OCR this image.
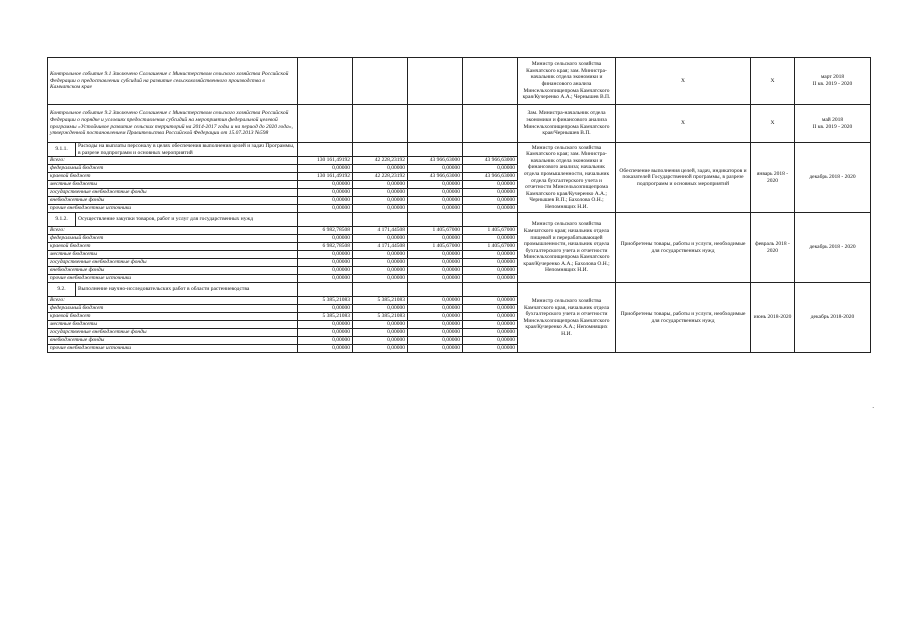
Контрольное событие 9.1 Заключено Соглашение с Министерством сельского хозяйства Российской Федерации о предоставлении субсидий на развитие сельскохозяйственного производства в Камчатском крае						Министр сельского хозяйства Камчатского края; зам. Министра-начальник отдела экономики и финансового анализа Минсельхозпищепрома Камчатского края/Кучеренко А.А.; Чернышев В.П.	Х	Х	март 2018
II кв. 2019 - 2020
Контрольное событие 9.2 Заключено Соглашение с Министерством сельского хозяйства Российской Федерации о порядке и условиях предоставления субсидий на мероприятия федеральной целевой программы «Устойчивое развитие сельских территорий на 2014-2017 годы и на период до 2020 года», утвержденной постановлением Правительства Российской Федерации от 15.07.2013 №598						Зам. Министра-начальник отдела экономики и финансового анализа Минсельхозпищепрома Камчатского края/Чернышев В.П.	Х	Х	май 2018
II кв. 2019 - 2020
9.1.1.	Расходы на выплаты персоналу в целях обеспечения выполнения целей и задач Программы, в разрезе подпрограмм и основных мероприятий					Министр сельского хозяйства Камчатского края; зам. Министра-начальник отдела экономики и финансового анализа; начальник отдела промышленности, начальник отдела бухгалтерского учета и отчетности Минсельхозпищепрома Камчатского края/Кучеренко А.А.; Чернышев В.П.; Бахолова О.Н.; Непомнящих Н.И.	Обеспечение выполнения целей, задач, индикаторов и показателей Государственной программы, в разрезе подпрограмм и основных мероприятий	январь 2018 - 2020	декабрь 2018 - 2020
Всего:		130 161,49192	42 228,23192	43 966,63000	43 966,63000				
федеральный бюджет		0,00000	0,00000	0,00000	0,00000				
краевой бюджет		130 161,49192	42 228,23192	43 966,63000	43 966,63000				
местные бюджеты		0,00000	0,00000	0,00000	0,00000				
государственные внебюджетные фонды		0,00000	0,00000	0,00000	0,00000				
внебюджетные фонды		0,00000	0,00000	0,00000	0,00000				
прочие внебюджетные источники		0,00000	0,00000	0,00000	0,00000				
9.1.2.	Осуществление закупки товаров, работ и услуг для государственных нужд					Министр сельского хозяйства Камчатского края; начальник отдела пищевой и перерабатывающей промышленности, начальник отдела бухгалтерского учета и отчетности Минсельхозпищепрома Камчатского края/Кучеренко А.А.; Бахолова О.Н.; Непомнящих Н.И.	Приобретены товары, работы и услуги, необходимые для государственных нужд	февраль 2018 - 2020	декабрь 2018 - 2020
Всего:		6 982,78508	4 171,44508	1 405,67000	1 405,67000				
федеральный бюджет		0,00000	0,00000	0,00000	0,00000				
краевой бюджет		6 982,78508	4 171,44508	1 405,67000	1 405,67000				
местные бюджеты		0,00000	0,00000	0,00000	0,00000				
государственные внебюджетные фонды		0,00000	0,00000	0,00000	0,00000				
внебюджетные фонды		0,00000	0,00000	0,00000	0,00000				
прочие внебюджетные источники		0,00000	0,00000	0,00000	0,00000				
9.2.	Выполнение научно-исследовательских работ в области растениеводства					Министр сельского хозяйства Камчатского края, начальник отдела бухгалтерского учета и отчетности Минсельхозпищепрома Камчатского края/Кучеренко А.А.; Непомнящих Н.И.	Приобретены товары, работы и услуги, необходимые для государственных нужд	июнь 2018-2020	декабрь 2018-2020
Всего:		5 385,21083	5 385,21083	0,00000	0,00000				
федеральный бюджет		0,00000	0,00000	0,00000	0,00000				
краевой бюджет		5 385,21083	5 385,21083	0,00000	0,00000				
местные бюджеты		0,00000	0,00000	0,00000	0,00000				
государственные внебюджетные фонды		0,00000	0,00000	0,00000	0,00000				
внебюджетные фонды		0,00000	0,00000	0,00000	0,00000				
прочие внебюджетные источники		0,00000	0,00000	0,00000	0,00000				
·
